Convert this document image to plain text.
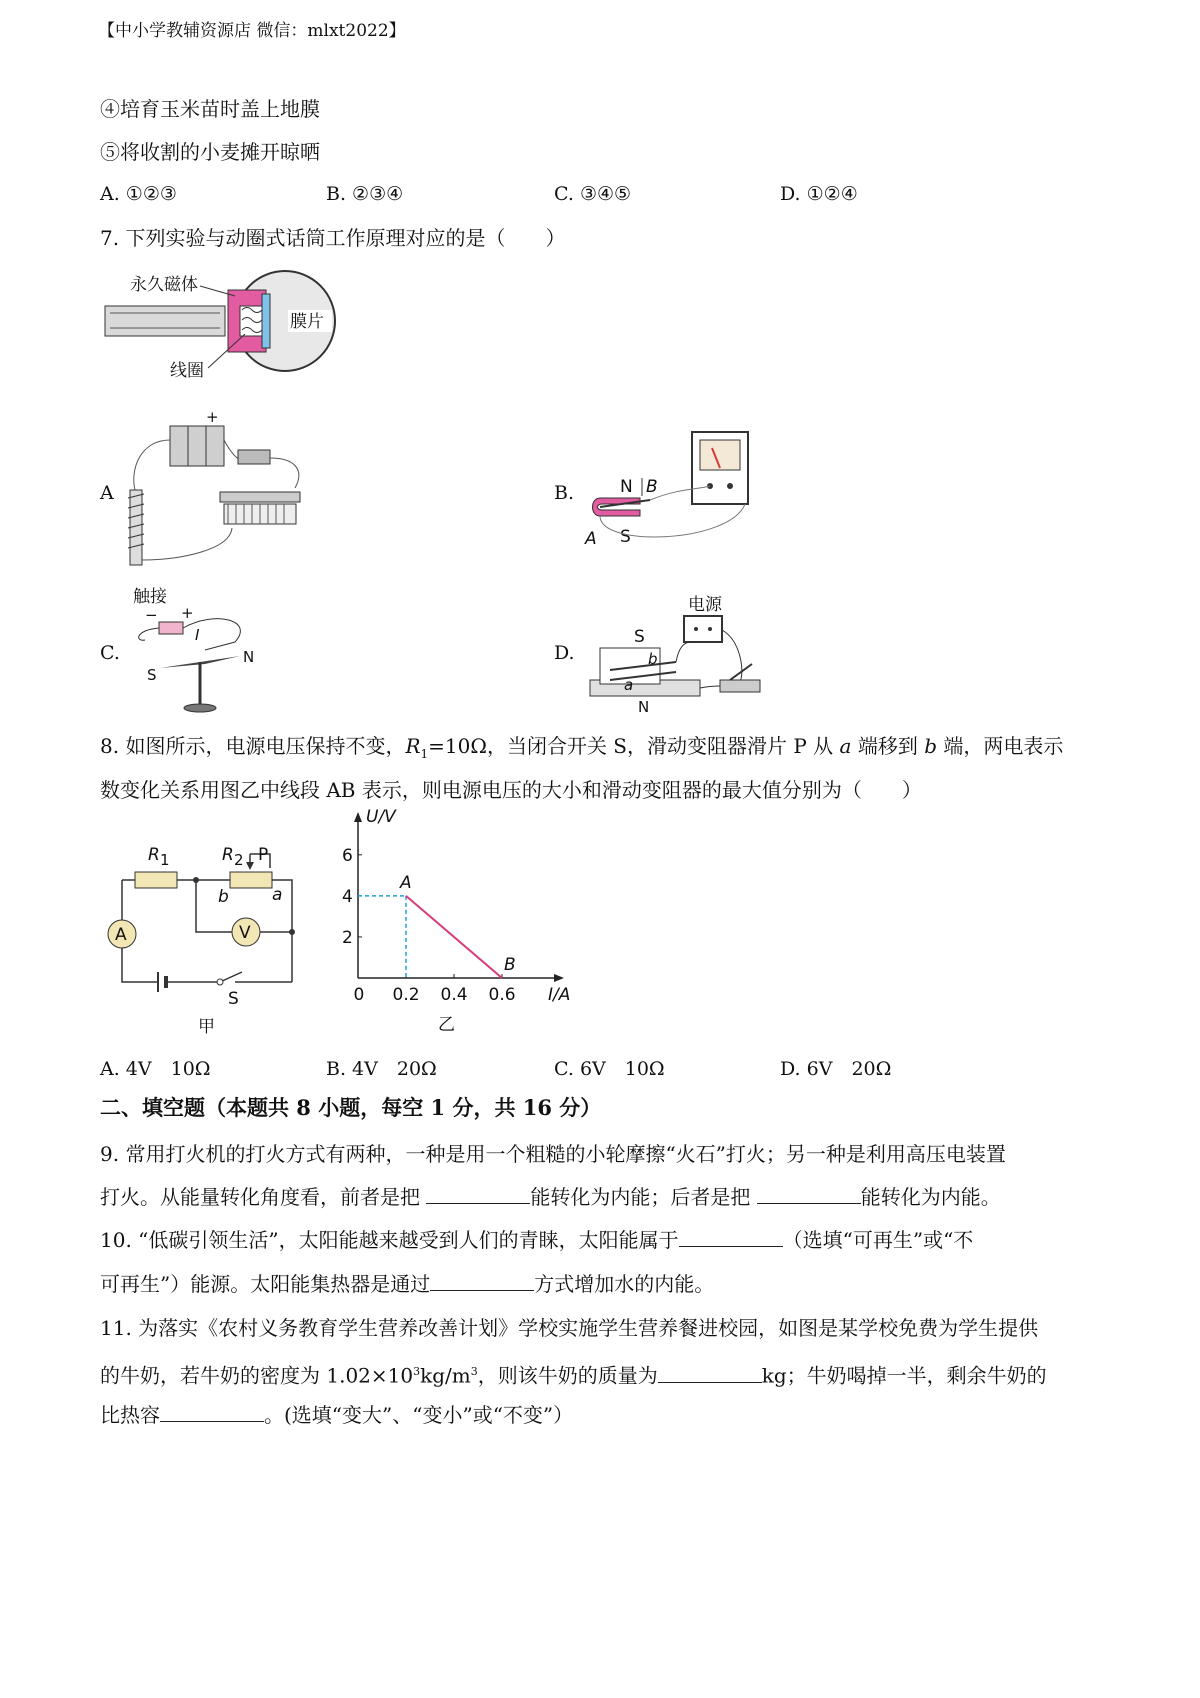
【中小学教辅资源店 微信：mlxt2022】
④培育玉米苗时盖上地膜
⑤将收割的小麦摊开晾晒
A. ①②③	B. ②③④	C. ③④⑤	D. ①②④
7. 下列实验与动圈式话筒工作原理对应的是（　　）
永久磁体
膜片
线圈
A
+
B.	N B
A S
C.
触接
− +
I
S
N	D.
电源
S
b
a
N
8. 如图所示，电源电压保持不变，$R_1=10\Omega$，当闭合开关 S，滑动变阻器滑片 P 从 a 端移到 b 端，两电表示
数变化关系用图乙中线段 AB 表示，则电源电压的大小和滑动变阻器的最大值分别为（　　）
A	V
R 1	R 2 P
b	a
S
甲
U/V
I/A
0 0.2 0.4 0.6
2
4
6
A
B
乙
A. 4V　10Ω	B. 4V　20Ω	C. 6V　10Ω	D. 6V　20Ω
二、填空题（本题共 8 小题，每空 1 分，共 16 分）
9. 常用打火机的打火方式有两种，一种是用一个粗糙的小轮摩擦“火石”打火；另一种是利用高压电装置
打火。从能量转化角度看，前者是把	能转化为内能；后者是把	能转化为内能。
10. “低碳引领生活”，太阳能越来越受到人们的青睐，太阳能属于	（选填“可再生”或“不
可再生”）能源。太阳能集热器是通过	方式增加水的内能。
11. 为落实《农村义务教育学生营养改善计划》学校实施学生营养餐进校园，如图是某学校免费为学生提供
的牛奶，若牛奶的密度为 $1.02\times 10^3kg/m^3$，则该牛奶的质量为	kg；牛奶喝掉一半，剩余牛奶的
比热容	。(选填“变大”、“变小”或“不变”）
